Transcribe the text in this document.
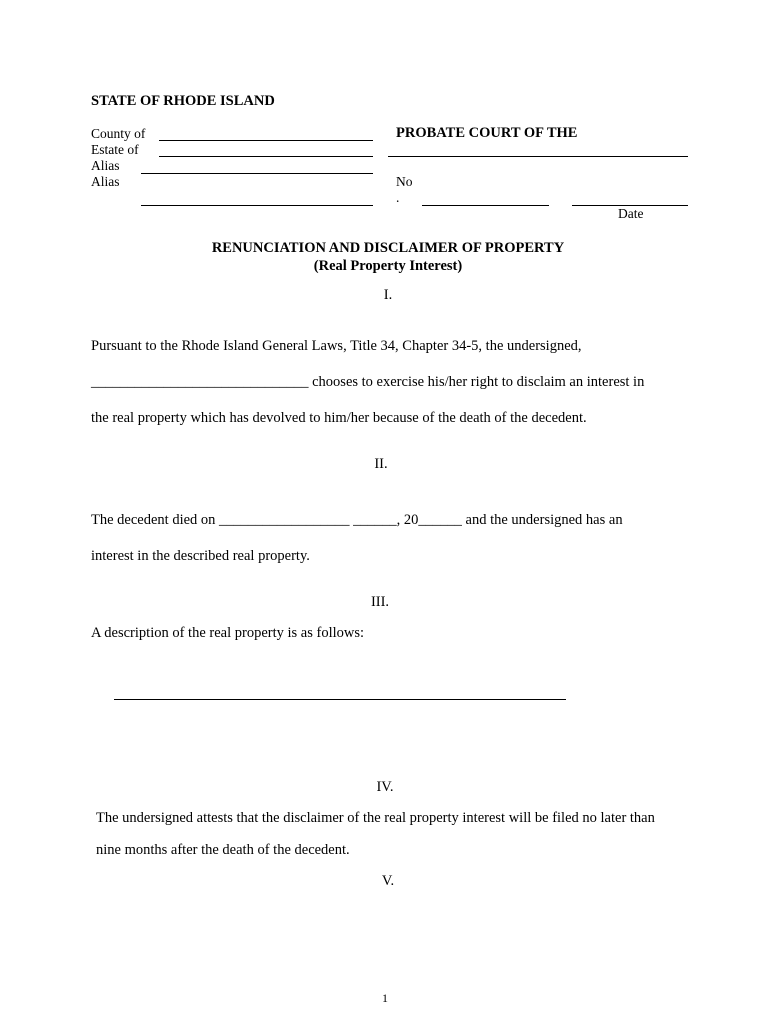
STATE OF RHODE ISLAND
County of
Estate of
Alias
Alias
PROBATE COURT OF THE
No
.
Date
RENUNCIATION AND DISCLAIMER OF PROPERTY
(Real Property Interest)
I.
Pursuant to the Rhode Island General Laws, Title 34, Chapter 34-5, the undersigned,
______________________________ chooses to exercise his/her right to disclaim an interest in
the real property which has devolved to him/her because of the death of the decedent.
II.
The decedent died on __________________ ______, 20______ and the undersigned has an
interest in the described real property.
III.
A description of the real property is as follows:
IV.
The undersigned attests that the disclaimer of the real property interest will be filed no later than
nine months after the death of the decedent.
V.
1
